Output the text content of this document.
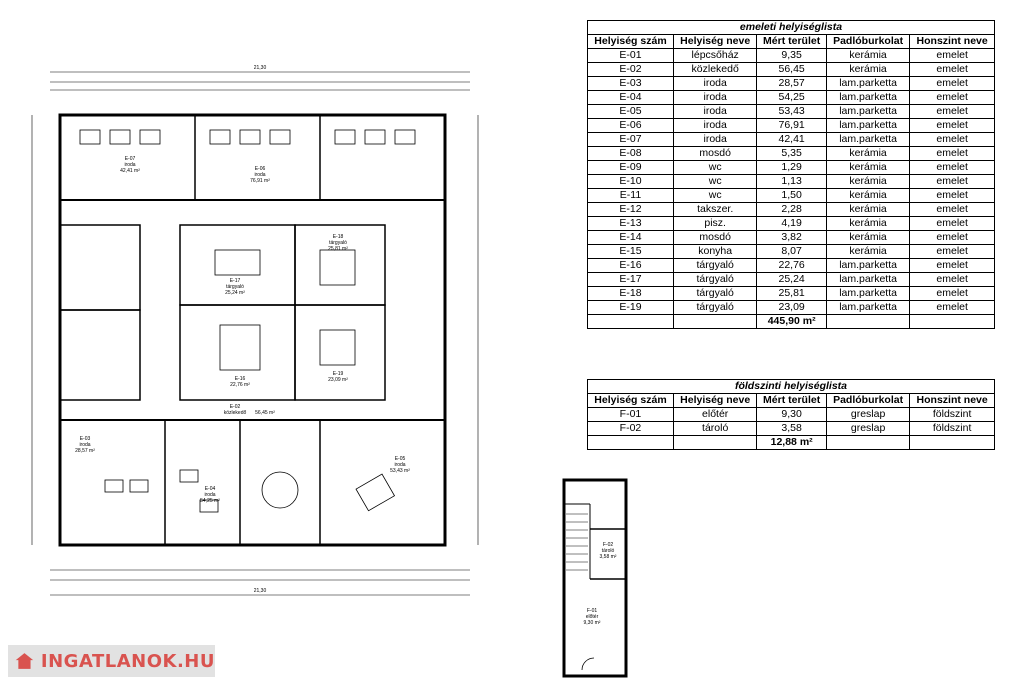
21,30
21,30
E-07
iroda
42,41 m²	E-06
iroda
76,91 m²
E-17
tárgyaló
25,24 m²
E-18
tárgyaló
25,81 m²
E-16
22,76 m²
E-19
23,09 m²
E-02
közlekedő 56,45 m²
E-03
iroda
28,57 m²
E-04
iroda
54,25 m²
E-05
iroda
53,43 m²
emeleti helyiséglista				
Helyiség szám	Helyiség neve	Mért terület	Padlóburkolat	Honszint neve
E-01	lépcsőház	9,35	kerámia	emelet
E-02	közlekedő	56,45	kerámia	emelet
E-03	iroda	28,57	lam.parketta	emelet
E-04	iroda	54,25	lam.parketta	emelet
E-05	iroda	53,43	lam.parketta	emelet
E-06	iroda	76,91	lam.parketta	emelet
E-07	iroda	42,41	lam.parketta	emelet
E-08	mosdó	5,35	kerámia	emelet
E-09	wc	1,29	kerámia	emelet
E-10	wc	1,13	kerámia	emelet
E-11	wc	1,50	kerámia	emelet
E-12	takszer.	2,28	kerámia	emelet
E-13	pisz.	4,19	kerámia	emelet
E-14	mosdó	3,82	kerámia	emelet
E-15	konyha	8,07	kerámia	emelet
E-16	tárgyaló	22,76	lam.parketta	emelet
E-17	tárgyaló	25,24	lam.parketta	emelet
E-18	tárgyaló	25,81	lam.parketta	emelet
E-19	tárgyaló	23,09	lam.parketta	emelet
		445,90 m²		
földszinti helyiséglista				
Helyiség szám	Helyiség neve	Mért terület	Padlóburkolat	Honszint neve
F-01	előtér	9,30	greslap	földszint
F-02	tároló	3,58	greslap	földszint
		12,88 m²		
F-02
tároló
3,58 m²
F-01
előtér
9,30 m²
INGATLANOK.HU
